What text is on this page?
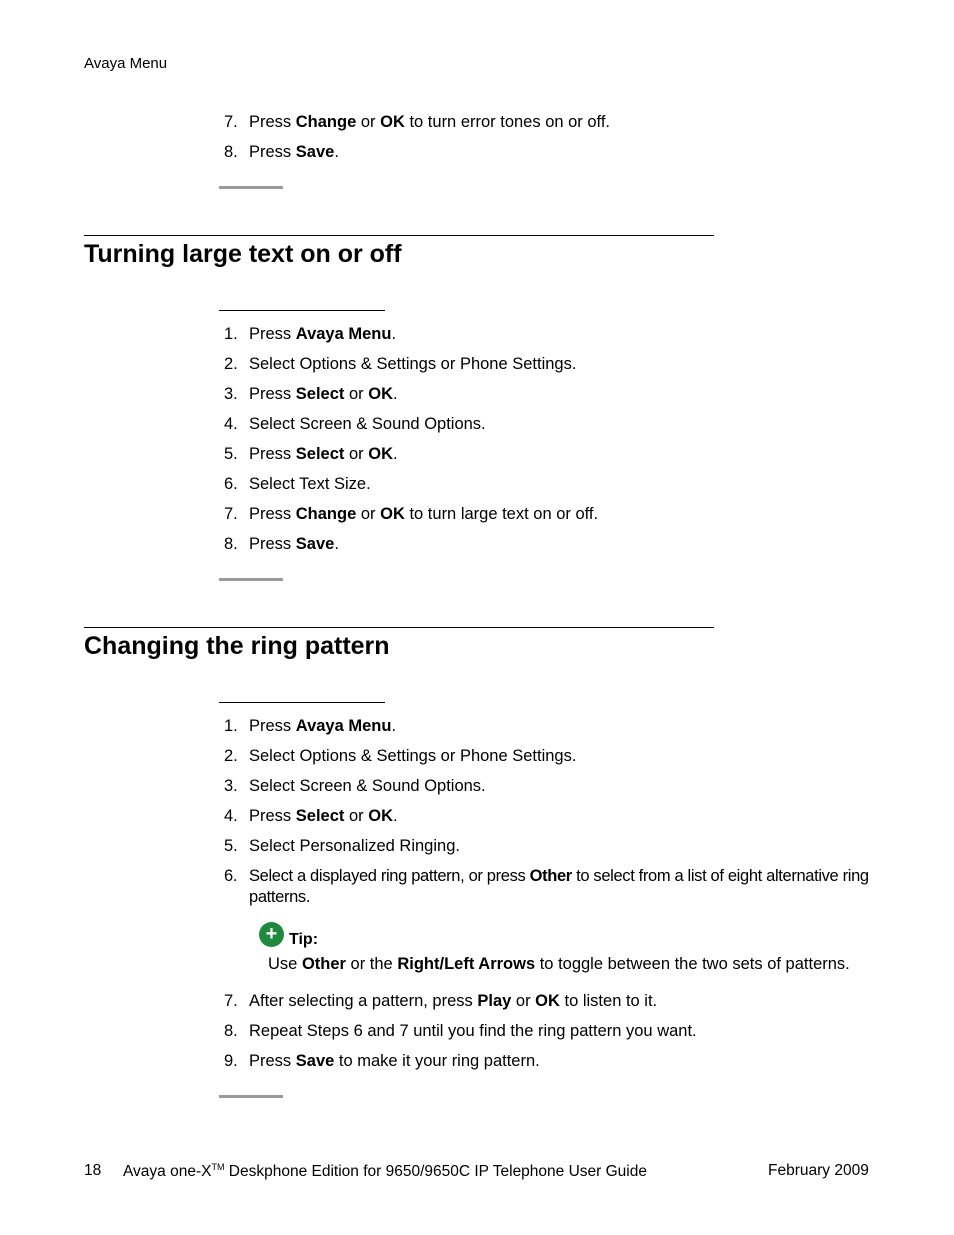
Avaya Menu
7. Press Change or OK to turn error tones on or off.
8. Press Save.
Turning large text on or off
1. Press Avaya Menu.
2. Select Options & Settings or Phone Settings.
3. Press Select or OK.
4. Select Screen & Sound Options.
5. Press Select or OK.
6. Select Text Size.
7. Press Change or OK to turn large text on or off.
8. Press Save.
Changing the ring pattern
1. Press Avaya Menu.
2. Select Options & Settings or Phone Settings.
3. Select Screen & Sound Options.
4. Press Select or OK.
5. Select Personalized Ringing.
6. Select a displayed ring pattern, or press Other to select from a list of eight alternative ring patterns.
+ Tip:
Use Other or the Right/Left Arrows to toggle between the two sets of patterns.
7. After selecting a pattern, press Play or OK to listen to it.
8. Repeat Steps 6 and 7 until you find the ring pattern you want.
9. Press Save to make it your ring pattern.
18 Avaya one-X™ Deskphone Edition for 9650/9650C IP Telephone User Guide	February 2009
